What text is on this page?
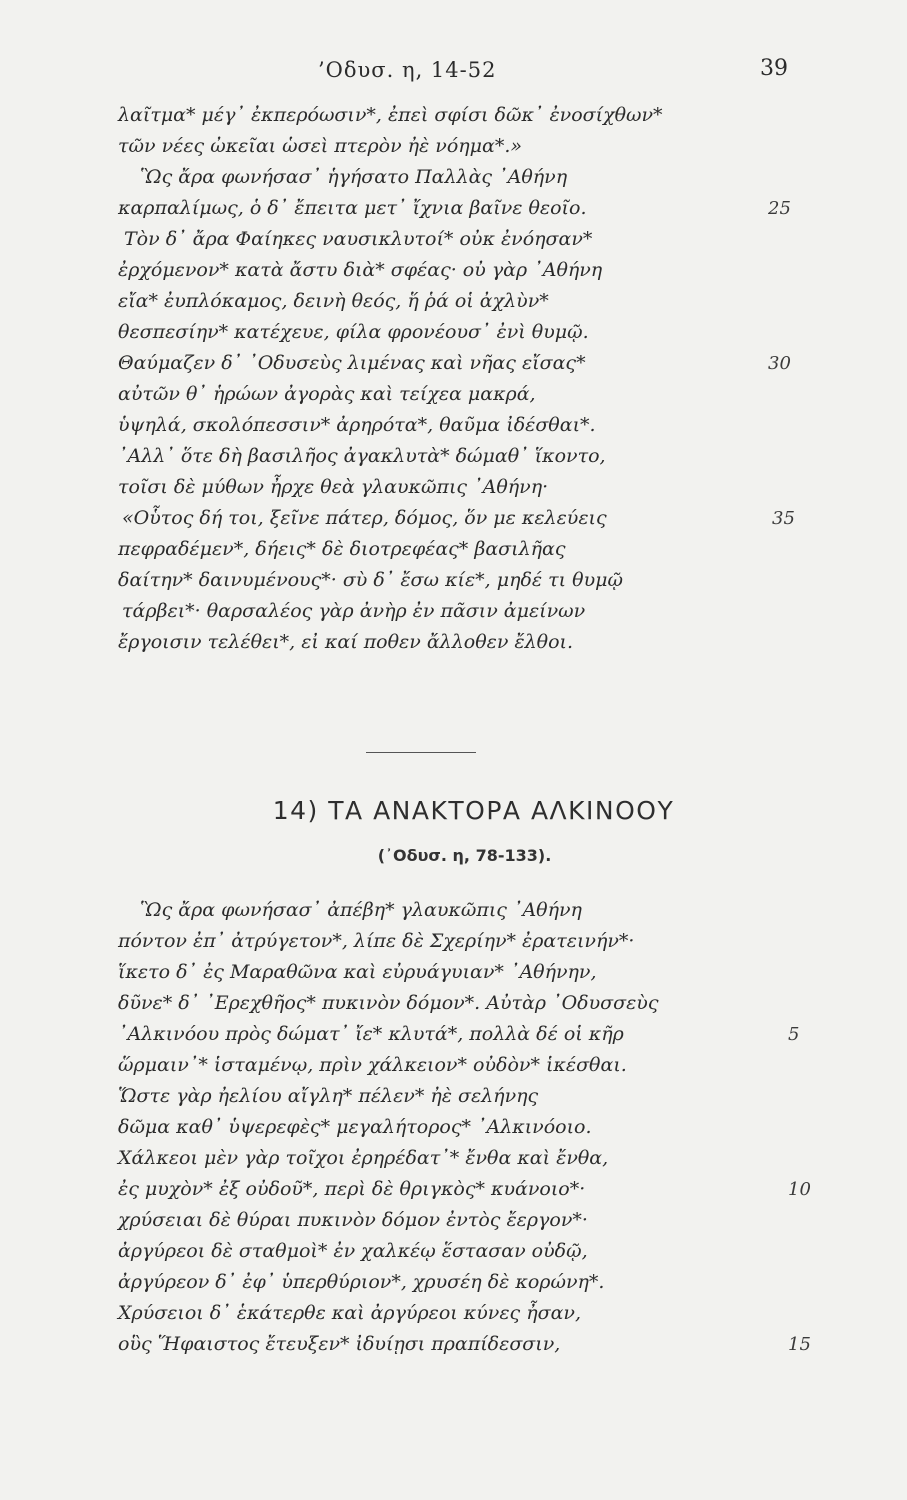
’Οδυσ. η, 14-52	39
λαῖτμα* μέγ᾽ ἐκπερόωσιν*, ἐπεὶ σφίσι δῶκ᾽ ἐνοσίχθων*
τῶν νέες ὠκεῖαι ὡσεὶ πτερὸν ἠὲ νόημα*.»
Ὣς ἄρα φωνήσασ᾽ ἡγήσατο Παλλὰς ᾽Αθήνη
καρπαλίμως, ὁ δ᾽ ἔπειτα μετ᾽ ἴχνια βαῖνε θεοῖο.	25
Τὸν δ᾽ ἄρα Φαίηκες ναυσικλυτοί* οὐκ ἐνόησαν*
ἐρχόμενον* κατὰ ἄστυ διὰ* σφέας· οὐ γὰρ ᾽Αθήνη
εἴα* ἐυπλόκαμος, δεινὴ θεός, ἥ ῥά οἱ ἀχλὺν*
θεσπεσίην* κατέχευε, φίλα φρονέουσ᾽ ἐνὶ θυμῷ.
Θαύμαζεν δ᾽ ᾽Οδυσεὺς λιμένας καὶ νῆας εἴσας*	30
αὐτῶν θ᾽ ἡρώων ἀγορὰς καὶ τείχεα μακρά,
ὑψηλά, σκολόπεσσιν* ἀρηρότα*, θαῦμα ἰδέσθαι*.
᾽Αλλ᾽ ὅτε δὴ βασιλῆος ἀγακλυτὰ* δώμαθ᾽ ἵκοντο,
τοῖσι δὲ μύθων ἦρχε θεὰ γλαυκῶπις ᾽Αθήνη·
«Οὗτος δή τοι, ξεῖνε πάτερ, δόμος, ὅν με κελεύεις	35
πεφραδέμεν*, δήεις* δὲ διοτρεφέας* βασιλῆας
δαίτην* δαινυμένους*· σὺ δ᾽ ἔσω κίε*, μηδέ τι θυμῷ
τάρβει*· θαρσαλέος γὰρ ἀνὴρ ἐν πᾶσιν ἀμείνων
ἔργοισιν τελέθει*, εἰ καί ποθεν ἄλλοθεν ἔλθοι.
14) ΤΑ ΑΝΑΚΤΟΡΑ ΑΛΚΙΝΟΟΥ
(᾽Οδυσ. η, 78-133).
Ὣς ἄρα φωνήσασ᾽ ἀπέβη* γλαυκῶπις ᾽Αθήνη
πόντον ἐπ᾽ ἀτρύγετον*, λίπε δὲ Σχερίην* ἐρατεινήν*·
ἵκετο δ᾽ ἐς Μαραθῶνα καὶ εὐρυάγυιαν* ᾽Αθήνην,
δῦνε* δ᾽ ᾽Ερεχθῆος* πυκινὸν δόμον*. Αὐτὰρ ᾽Οδυσσεὺς
᾽Αλκινόου πρὸς δώματ᾽ ἴε* κλυτά*, πολλὰ δέ οἱ κῆρ	5
ὥρμαιν᾽* ἱσταμένῳ, πρὶν χάλκειον* οὐδὸν* ἱκέσθαι.
Ὥστε γὰρ ἠελίου αἴγλη* πέλεν* ἠὲ σελήνης
δῶμα καθ᾽ ὑψερεφὲς* μεγαλήτορος* ᾽Αλκινόοιο.
Χάλκεοι μὲν γὰρ τοῖχοι ἐρηρέδατ᾽* ἔνθα καὶ ἔνθα,
ἐς μυχὸν* ἐξ οὐδοῦ*, περὶ δὲ θριγκὸς* κυάνοιο*·	10
χρύσειαι δὲ θύραι πυκινὸν δόμον ἐντὸς ἔεργον*·
ἀργύρεοι δὲ σταθμοὶ* ἐν χαλκέῳ ἕστασαν οὐδῷ,
ἀργύρεον δ᾽ ἐφ᾽ ὑπερθύριον*, χρυσέη δὲ κορώνη*.
Χρύσειοι δ᾽ ἑκάτερθε καὶ ἀργύρεοι κύνες ἦσαν,
οὓς Ἥφαιστος ἔτευξεν* ἰδυίῃσι πραπίδεσσιν,	15
